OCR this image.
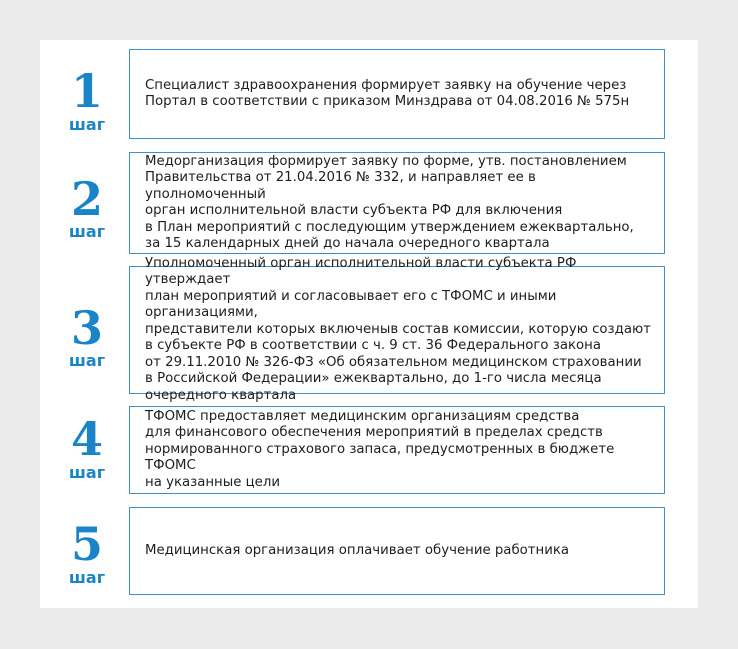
1
шаг
Специалист здравоохранения формирует заявку на обучение через
Портал в соответствии с приказом Минздрава от 04.08.2016 № 575н
2
шаг
Медорганизация формирует заявку по форме, утв. постановлением
Правительства от 21.04.2016 № 332, и направляет ее в уполномоченный
орган исполнительной власти субъекта РФ для включения
в План мероприятий с последующим утверждением ежеквартально,
за 15 календарных дней до начала очередного квартала
3
шаг
Уполномоченный орган исполнительной власти субъекта РФ утверждает
план мероприятий и согласовывает его с ТФОМС и иными организациями,
представители которых включеныв состав комиссии, которую создают
в субъекте РФ в соответствии с ч. 9 ст. 36 Федерального закона
от 29.11.2010 № 326-ФЗ «Об обязательном медицинском страховании
в Российской Федерации» ежеквартально, до 1-го числа месяца
очередного квартала
4
шаг
ТФОМС предоставляет медицинским организациям средства
для финансового обеспечения мероприятий в пределах средств
нормированного страхового запаса, предусмотренных в бюджете ТФОМС
на указанные цели
5
шаг
Медицинская организация оплачивает обучение работника
